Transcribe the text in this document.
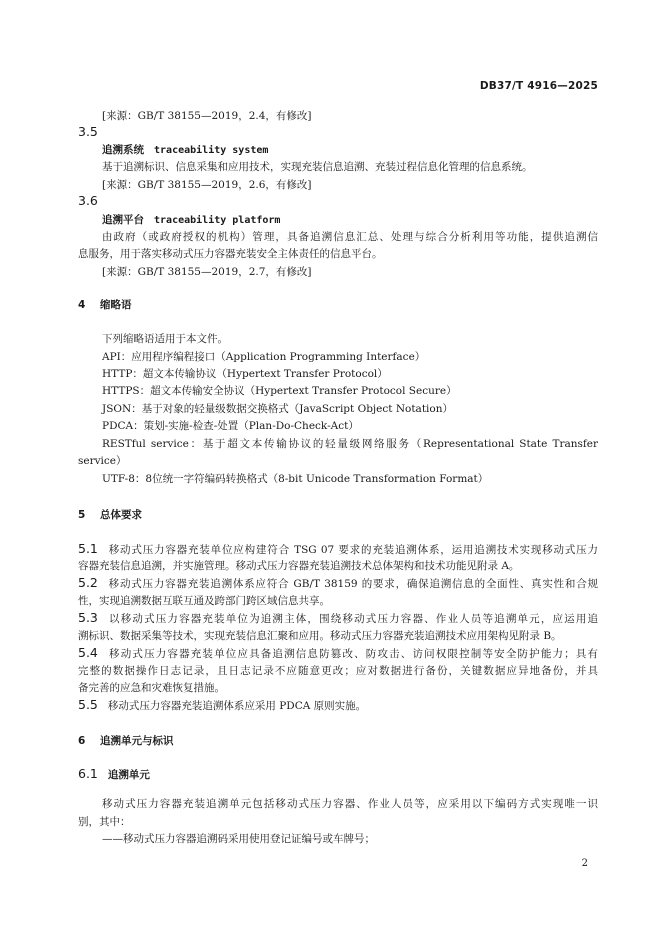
DB37/T 4916—2025
[来源：GB/T 38155—2019，2.4，有修改]
3.5
追溯系统 traceability system
基于追溯标识、信息采集和应用技术，实现充装信息追溯、充装过程信息化管理的信息系统。
[来源：GB/T 38155—2019，2.6，有修改]
3.6
追溯平台 traceability platform
由政府（或政府授权的机构）管理，具备追溯信息汇总、处理与综合分析利用等功能，提供追溯信
息服务，用于落实移动式压力容器充装安全主体责任的信息平台。
[来源：GB/T 38155—2019，2.7，有修改]
4 缩略语
下列缩略语适用于本文件。
API：应用程序编程接口（Application Programming Interface）
HTTP：超文本传输协议（Hypertext Transfer Protocol）
HTTPS：超文本传输安全协议（Hypertext Transfer Protocol Secure）
JSON：基于对象的轻量级数据交换格式（JavaScript Object Notation）
PDCA：策划-实施-检查-处置（Plan-Do-Check-Act）
RESTful service：基于超文本传输协议的轻量级网络服务（Representational State Transfer
service）
UTF-8：8位统一字符编码转换格式（8-bit Unicode Transformation Format）
5 总体要求
5.1 移动式压力容器充装单位应构建符合 TSG 07 要求的充装追溯体系，运用追溯技术实现移动式压力
容器充装信息追溯，并实施管理。移动式压力容器充装追溯技术总体架构和技术功能见附录 A。
5.2 移动式压力容器充装追溯体系应符合 GB/T 38159 的要求，确保追溯信息的全面性、真实性和合规
性，实现追溯数据互联互通及跨部门跨区域信息共享。
5.3 以移动式压力容器充装单位为追溯主体，围绕移动式压力容器、作业人员等追溯单元，应运用追
溯标识、数据采集等技术，实现充装信息汇聚和应用。移动式压力容器充装追溯技术应用架构见附录 B。
5.4 移动式压力容器充装单位应具备追溯信息防篡改、防攻击、访问权限控制等安全防护能力；具有
完整的数据操作日志记录，且日志记录不应随意更改；应对数据进行备份，关键数据应异地备份，并具
备完善的应急和灾难恢复措施。
5.5 移动式压力容器充装追溯体系应采用 PDCA 原则实施。
6 追溯单元与标识
6.1 追溯单元
移动式压力容器充装追溯单元包括移动式压力容器、作业人员等，应采用以下编码方式实现唯一识
别，其中：
——移动式压力容器追溯码采用使用登记证编号或车牌号；
2
